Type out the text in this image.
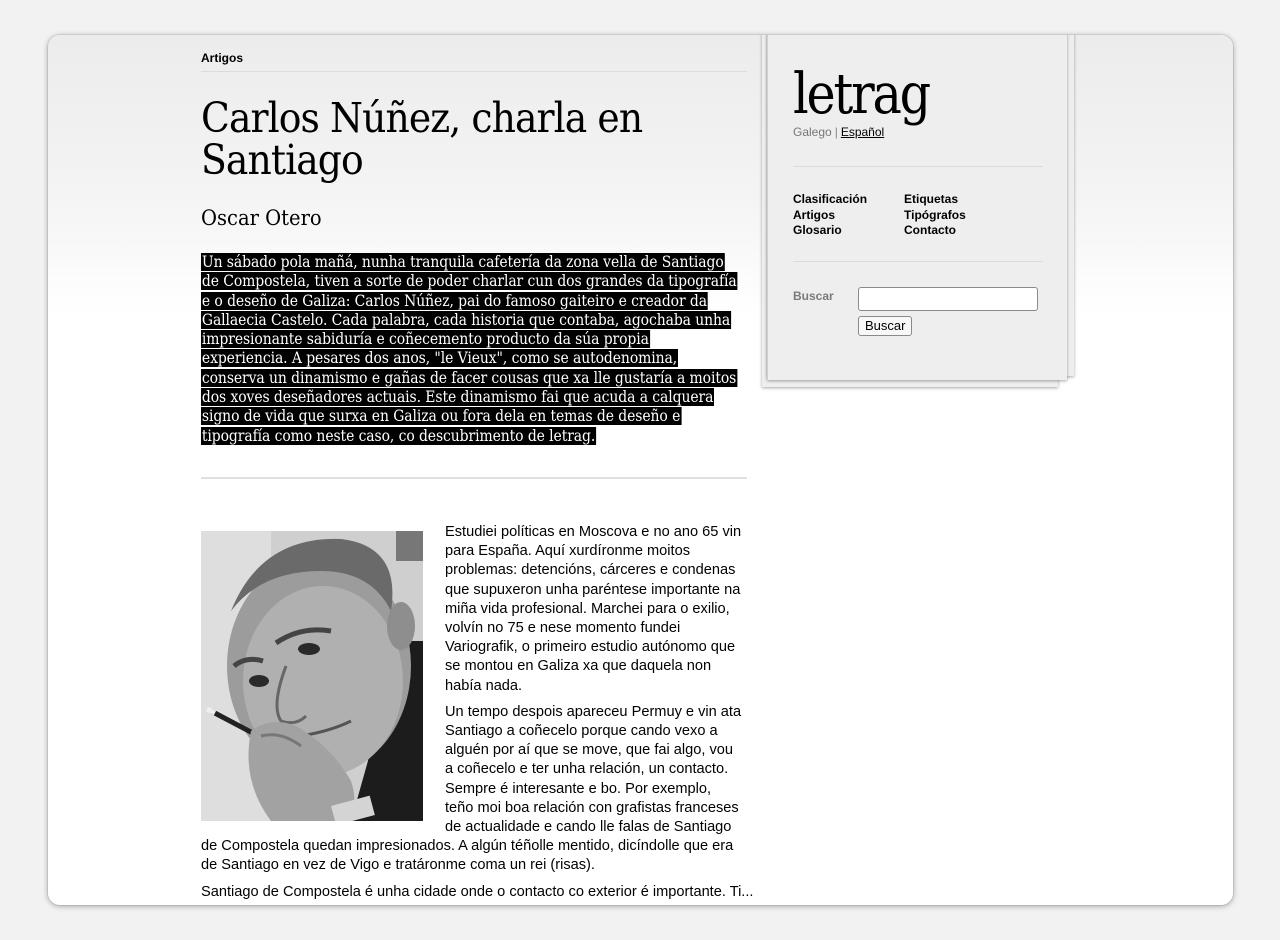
Artigos
Carlos Núñez, charla en
Santiago
Oscar Otero
Un sábado pola mañá, nunha tranquila cafetería da zona vella de Santiago
de Compostela, tiven a sorte de poder charlar cun dos grandes da tipografía
e o deseño de Galiza: Carlos Núñez, pai do famoso gaiteiro e creador da
Gallaecia Castelo. Cada palabra, cada historia que contaba, agochaba unha
impresionante sabiduría e coñecemento producto da súa propia
experiencia. A pesares dos anos, "le Vieux", como se autodenomina,
conserva un dinamismo e gañas de facer cousas que xa lle gustaría a moitos
dos xoves deseñadores actuais. Este dinamismo fai que acuda a calquera
signo de vida que surxa en Galiza ou fora dela en temas de deseño e
tipografía como neste caso, co descubrimento de letrag.
Estudiei políticas en Moscova e no ano 65 vin
para España. Aquí xurdíronme moitos
problemas: detencións, cárceres e condenas
que supuxeron unha paréntese importante na
miña vida profesional. Marchei para o exilio,
volvín no 75 e nese momento fundei
Variografik, o primeiro estudio autónomo que
se montou en Galiza xa que daquela non
había nada.
Un tempo despois apareceu Permuy e vin ata
Santiago a coñecelo porque cando vexo a
alguén por aí que se move, que fai algo, vou
a coñecelo e ter unha relación, un contacto.
Sempre é interesante e bo. Por exemplo,
teño moi boa relación con grafistas franceses
de actualidade e cando lle falas de Santiago
de Compostela quedan impresionados. A algún téñolle mentido, dicíndolle que era
de Santiago en vez de Vigo e tratáronme coma un rei (risas).
Santiago de Compostela é unha cidade onde o contacto co exterior é importante. Ti...
letrag
Galego | Español
Clasificación	Etiquetas
Artigos	Tipógrafos
Glosario	Contacto
Buscar
Buscar
